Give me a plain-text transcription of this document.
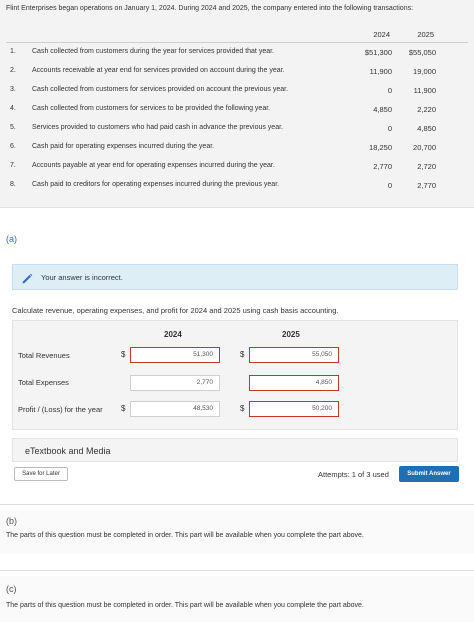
Flint Enterprises began operations on January 1, 2024. During 2024 and 2025, the company entered into the following transactions:
2024	2025
1. Cash collected from customers during the year for services provided that year.	$51,300	$55,050
2. Accounts receivable at year end for services provided on account during the year.	11,900	19,000
3. Cash collected from customers for services provided on account the previous year.	0	11,900
4. Cash collected from customers for services to be provided the following year.	4,850	2,220
5. Services provided to customers who had paid cash in advance the previous year.	0	4,850
6. Cash paid for operating expenses incurred during the year.	18,250	20,700
7. Accounts payable at year end for operating expenses incurred during the year.	2,770	2,720
8. Cash paid to creditors for operating expenses incurred during the previous year.	0	2,770
(a)
Your answer is incorrect.
Calculate revenue, operating expenses, and profit for 2024 and 2025 using cash basis accounting.
2024	2025
Total Revenues	$	51,300	$	55,050
Total Expenses	2,770	4,850
Profit / (Loss) for the year $	48,530	$	50,200
eTextbook and Media
Save for Later	Attempts: 1 of 3 used	Submit Answer
(b)
The parts of this question must be completed in order. This part will be available when you complete the part above.
(c)
The parts of this question must be completed in order. This part will be available when you complete the part above.
